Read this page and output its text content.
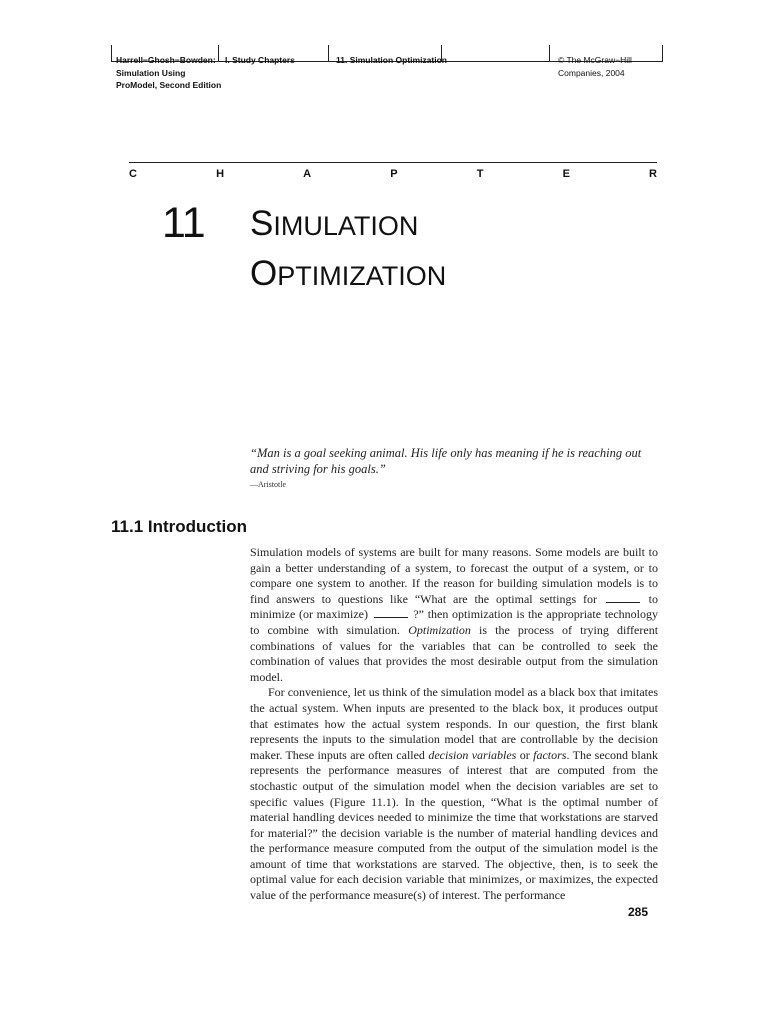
Harrell−Ghosh−Bowden:
Simulation Using
ProModel, Second Edition
I. Study Chapters	11. Simulation Optimization	© The McGraw−Hill
Companies, 2004
C	H	A	P	T	E	R
11 SIMULATION
OPTIMIZATION
“Man is a goal seeking animal. His life only has meaning if he is reaching out and striving for his goals.”
—Aristotle
11.1 Introduction

Simulation models of systems are built for many reasons. Some models are built to gain a better understanding of a system, to forecast the output of a system, or to compare one system to another. If the reason for building simulation models is to find answers to questions like “What are the optimal settings for	to minimize (or maximize)	?” then optimization is the appropriate technology to combine with simulation. Optimization is the process of trying different combinations of values for the variables that can be controlled to seek the combination of values that provides the most desirable output from the simulation model.

For convenience, let us think of the simulation model as a black box that imitates the actual system. When inputs are presented to the black box, it produces output that estimates how the actual system responds. In our question, the first blank represents the inputs to the simulation model that are controllable by the decision maker. These inputs are often called decision variables or factors. The second blank represents the performance measures of interest that are computed from the stochastic output of the simulation model when the decision variables are set to specific values (Figure 11.1). In the question, “What is the optimal number of material handling devices needed to minimize the time that workstations are starved for material?” the decision variable is the number of material handling devices and the performance measure computed from the output of the simulation model is the amount of time that workstations are starved. The objective, then, is to seek the optimal value for each decision variable that minimizes, or maximizes, the expected value of the performance measure(s) of interest. The performance

285
